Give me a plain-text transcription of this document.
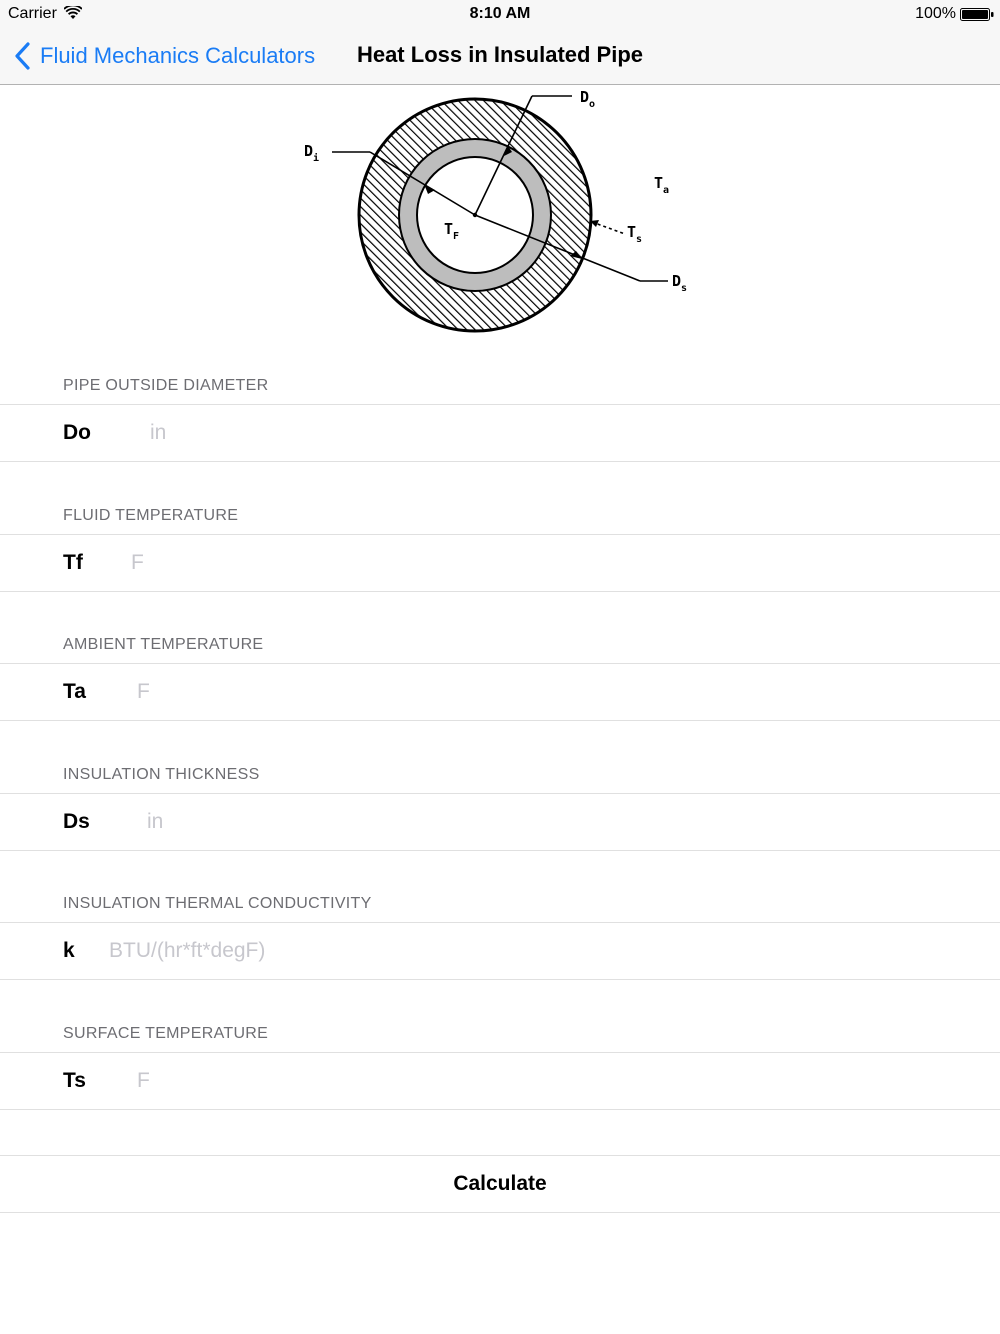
Carrier	8:10 AM	100%
Fluid Mechanics Calculators	Heat Loss in Insulated Pipe
$D_o$
$D_i$
$T_a$
$T_F$	$T_s$
$D_s$
PIPE OUTSIDE DIAMETER
Do
in
FLUID TEMPERATURE
Tf
F
AMBIENT TEMPERATURE
Ta
F
INSULATION THICKNESS
Ds
in
INSULATION THERMAL CONDUCTIVITY
k
BTU/(hr*ft*degF)
SURFACE TEMPERATURE
Ts
F
Calculate
